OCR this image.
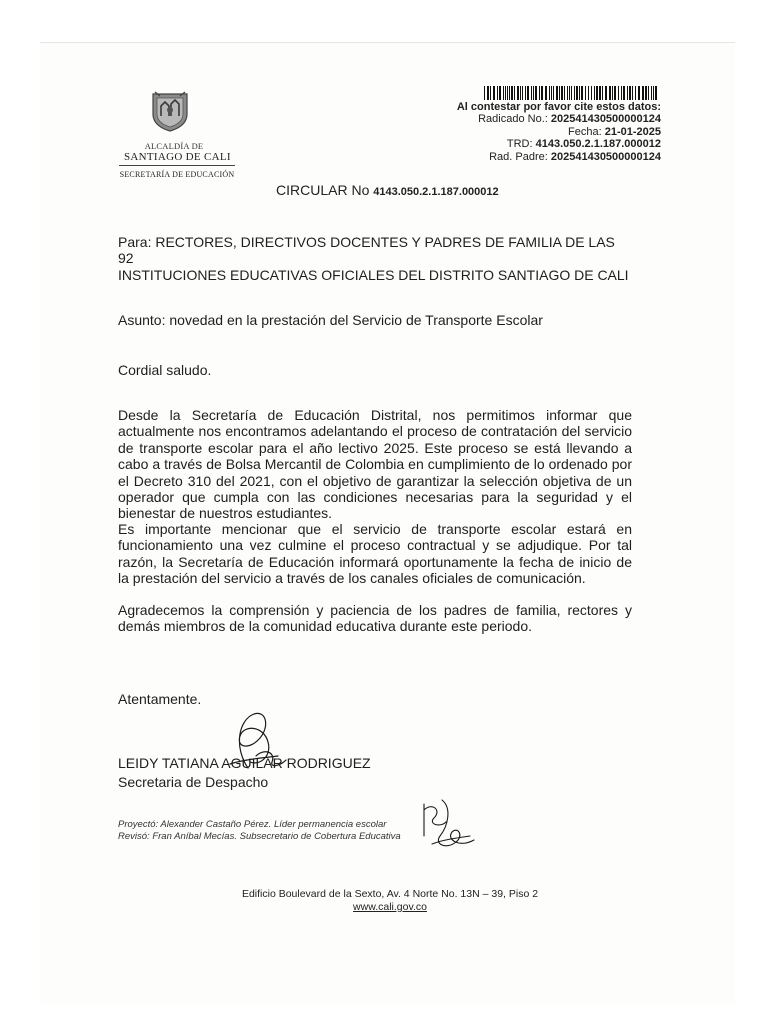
ALCALDÍA DE
SANTIAGO DE CALI
SECRETARÍA DE EDUCACIÓN
Al contestar por favor cite estos datos:
Radicado No.: 202541430500000124
Fecha: 21-01-2025
TRD: 4143.050.2.1.187.000012
Rad. Padre: 202541430500000124
CIRCULAR No 4143.050.2.1.187.000012
Para: RECTORES, DIRECTIVOS DOCENTES Y PADRES DE FAMILIA DE LAS 92
INSTITUCIONES EDUCATIVAS OFICIALES DEL DISTRITO SANTIAGO DE CALI
Asunto: novedad en la prestación del Servicio de Transporte Escolar
Cordial saludo.

Desde la Secretaría de Educación Distrital, nos permitimos informar que actualmente nos encontramos adelantando el proceso de contratación del servicio de transporte escolar para el año lectivo 2025. Este proceso se está llevando a cabo a través de Bolsa Mercantil de Colombia en cumplimiento de lo ordenado por el Decreto 310 del 2021, con el objetivo de garantizar la selección objetiva de un operador que cumpla con las condiciones necesarias para la seguridad y el bienestar de nuestros estudiantes.

Es importante mencionar que el servicio de transporte escolar estará en funcionamiento una vez culmine el proceso contractual y se adjudique. Por tal razón, la Secretaría de Educación informará oportunamente la fecha de inicio de la prestación del servicio a través de los canales oficiales de comunicación.

Agradecemos la comprensión y paciencia de los padres de familia, rectores y demás miembros de la comunidad educativa durante este periodo.

Atentamente.
LEIDY TATIANA AGUILAR RODRIGUEZ
Secretaria de Despacho
Proyectó: Alexander Castaño Pérez. Líder permanencia escolar
Revisó: Fran Aníbal Mecías. Subsecretario de Cobertura Educativa
Edificio Boulevard de la Sexto, Av. 4 Norte No. 13N – 39, Piso 2
www.cali.gov.co
